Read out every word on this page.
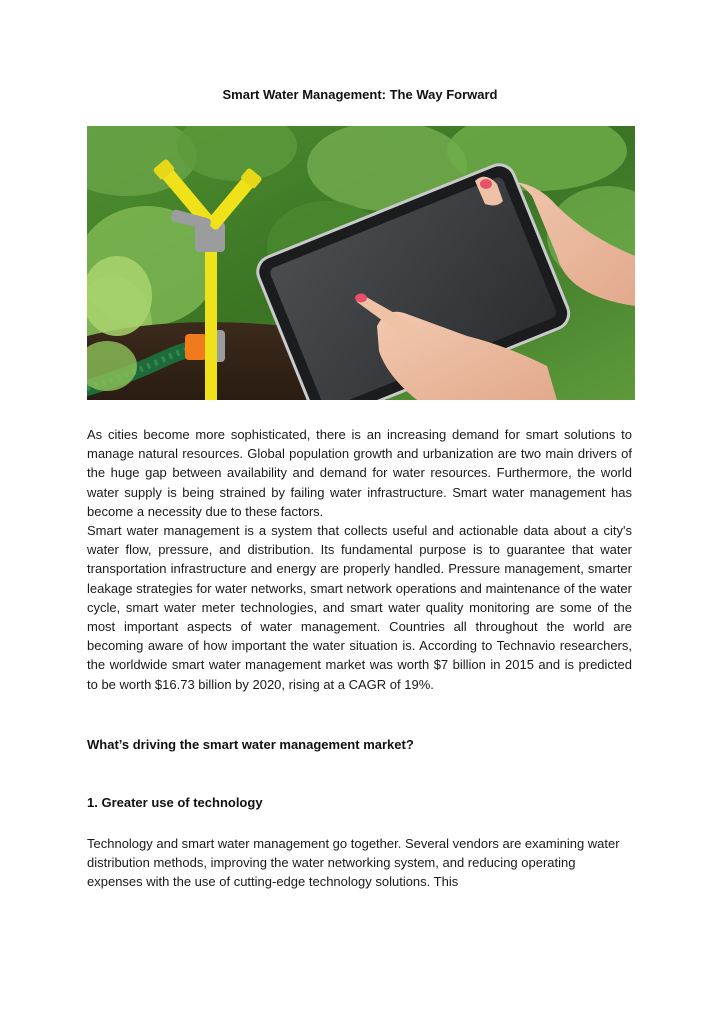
Smart Water Management: The Way Forward

As cities become more sophisticated, there is an increasing demand for smart solutions to manage natural resources. Global population growth and urbanization are two main drivers of the huge gap between availability and demand for water resources. Furthermore, the world water supply is being strained by failing water infrastructure. Smart water management has become a necessity due to these factors.

Smart water management is a system that collects useful and actionable data about a city's water flow, pressure, and distribution. Its fundamental purpose is to guarantee that water transportation infrastructure and energy are properly handled. Pressure management, smarter leakage strategies for water networks, smart network operations and maintenance of the water cycle, smart water meter technologies, and smart water quality monitoring are some of the most important aspects of water management. Countries all throughout the world are becoming aware of how important the water situation is. According to Technavio researchers, the worldwide smart water management market was worth $7 billion in 2015 and is predicted to be worth $16.73 billion by 2020, rising at a CAGR of 19%.

What’s driving the smart water management market?

1. Greater use of technology

Technology and smart water management go together. Several vendors are examining water distribution methods, improving the water networking system, and reducing operating expenses with the use of cutting-edge technology solutions. This
